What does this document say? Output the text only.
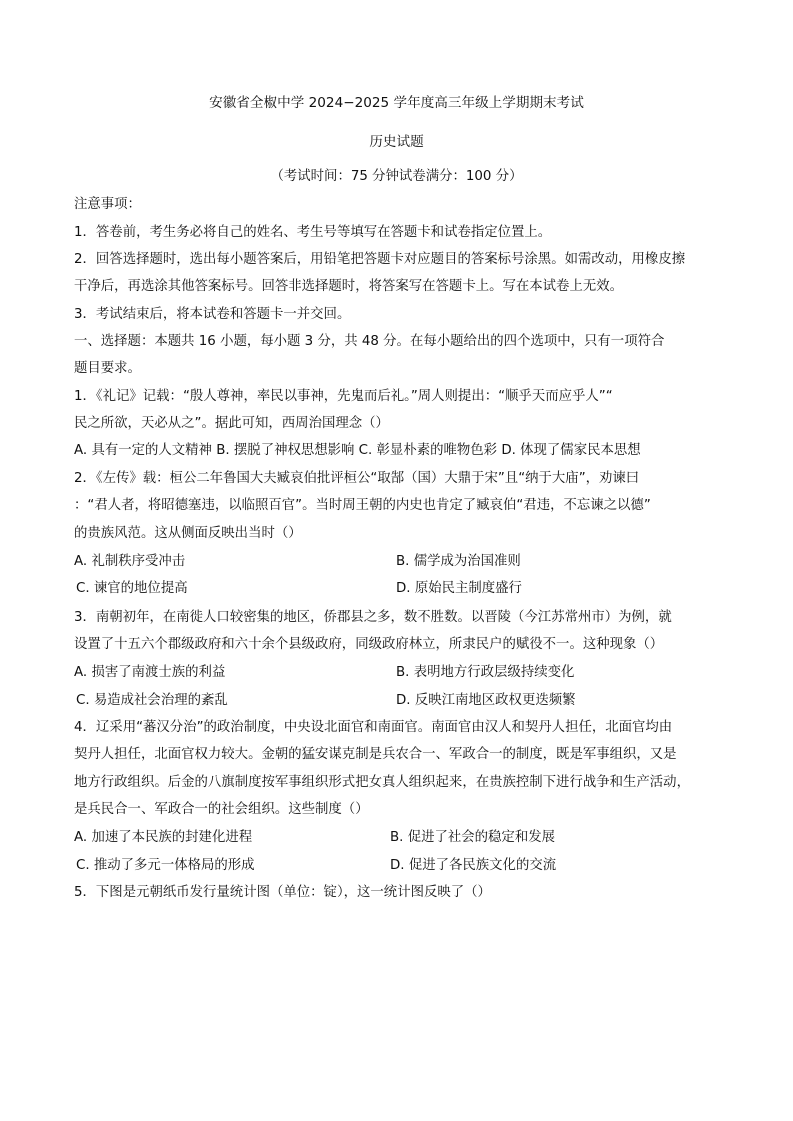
安徽省全椒中学 2024−2025 学年度高三年级上学期期末考试
历史试题
（考试时间：75 分钟试卷满分：100 分）
注意事项：
1．答卷前，考生务必将自己的姓名、考生号等填写在答题卡和试卷指定位置上。
2．回答选择题时，选出每小题答案后，用铅笔把答题卡对应题目的答案标号涂黑。如需改动，用橡皮擦
干净后，再选涂其他答案标号。回答非选择题时，将答案写在答题卡上。写在本试卷上无效。
3．考试结束后，将本试卷和答题卡一并交回。
一、选择题：本题共 16 小题，每小题 3 分，共 48 分。在每小题给出的四个选项中，只有一项符合
题目要求。
1．《礼记》记载：“殷人尊神，率民以事神，先鬼而后礼。”周人则提出：“顺乎天而应乎人”“
民之所欲，天必从之”。据此可知，西周治国理念（）
A. 具有一定的人文精神 B. 摆脱了神权思想影响 C. 彰显朴素的唯物色彩 D. 体现了儒家民本思想
2．《左传》载：桓公二年鲁国大夫臧哀伯批评桓公“取郜（国）大鼎于宋”且“纳于大庙”，劝谏曰
：“君人者，将昭德塞违，以临照百官”。当时周王朝的内史也肯定了臧哀伯“君违，不忘谏之以德”
的贵族风范。这从侧面反映出当时（）
A. 礼制秩序受冲击	B. 儒学成为治国准则
C. 谏官的地位提高	D. 原始民主制度盛行
3．南朝初年，在南徙人口较密集的地区，侨郡县之多，数不胜数。以晋陵（今江苏常州市）为例，就
设置了十五六个郡级政府和六十余个县级政府，同级政府林立，所隶民户的赋役不一。这种现象（）
A. 损害了南渡士族的利益	B. 表明地方行政层级持续变化
C. 易造成社会治理的紊乱	D. 反映江南地区政权更迭频繁
4．辽采用“蕃汉分治”的政治制度，中央设北面官和南面官。南面官由汉人和契丹人担任，北面官均由
契丹人担任，北面官权力较大。金朝的猛安谋克制是兵农合一、军政合一的制度，既是军事组织，又是
地方行政组织。后金的八旗制度按军事组织形式把女真人组织起来，在贵族控制下进行战争和生产活动，
是兵民合一、军政合一的社会组织。这些制度（）
A. 加速了本民族的封建化进程	B. 促进了社会的稳定和发展
C. 推动了多元一体格局的形成	D. 促进了各民族文化的交流
5．下图是元朝纸币发行量统计图（单位：锭），这一统计图反映了（）
